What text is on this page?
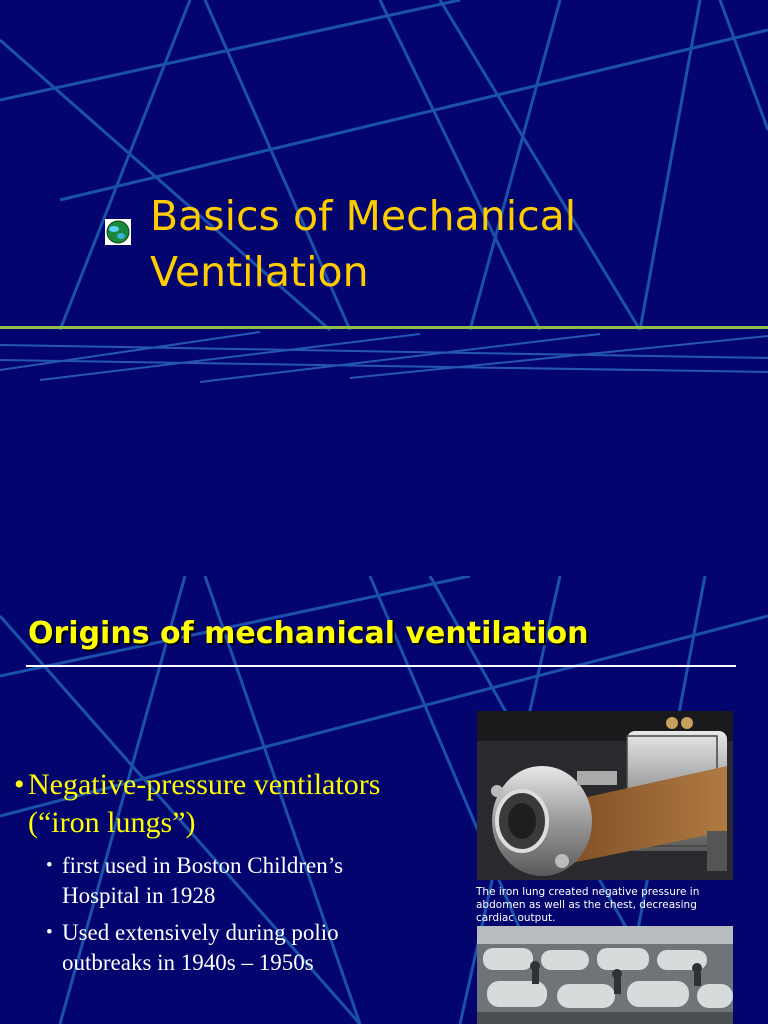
Basics of Mechanical
Ventilation
Origins of mechanical ventilation
• Negative-pressure ventilators
(“iron lungs”)
• first used in Boston Children’s
Hospital in 1928
• Used extensively during polio
outbreaks in 1940s – 1950s
The iron lung created negative pressure in abdomen as well as the chest, decreasing cardiac output.
